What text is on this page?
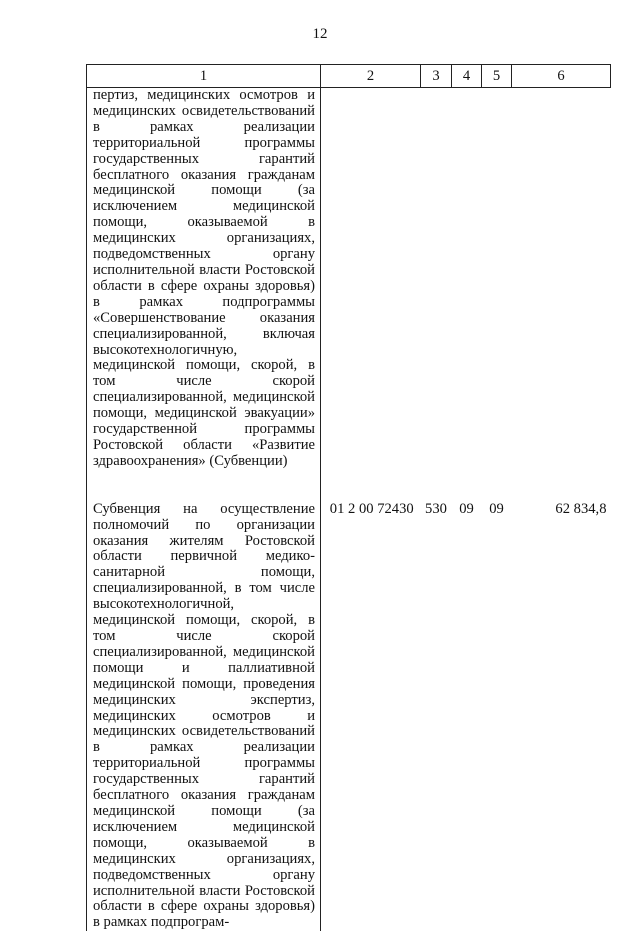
12
1	2	3	4	5	6
пертиз, медицинских осмотров и медицинских освидетельствований в рамках реализации территориальной программы государственных гарантий бесплатного оказания гражданам медицинской помощи (за исключением медицинской помощи, оказываемой в медицинских организациях, подведомственных органу исполнительной власти Ростовской области в сфере охраны здоровья) в рамках подпрограммы «Совершенствование оказания специализированной, включая высокотехнологичную, медицинской помощи, скорой, в том числе скорой специализированной, медицинской помощи, медицинской эвакуации» государственной программы Ростовской области «Развитие здравоохранения» (Субвенции)					
Субвенция на осуществление полномочий по организации оказания жителям Ростовской области первичной медико-санитарной помощи, специализированной, в том числе высокотехнологичной, медицинской помощи, скорой, в том числе скорой специализированной, медицинской помощи и паллиативной медицинской помощи, проведения медицинских экспертиз, медицинских осмотров и медицинских освидетельствований в рамках реализации территориальной программы государственных гарантий бесплатного оказания гражданам медицинской помощи (за исключением медицинской помощи, оказываемой в медицинских организациях, подведомственных органу исполнительной власти Ростовской области в сфере охраны здоровья) в рамках подпрограм-	01 2 00 72430	530	09	09	62 834,8
